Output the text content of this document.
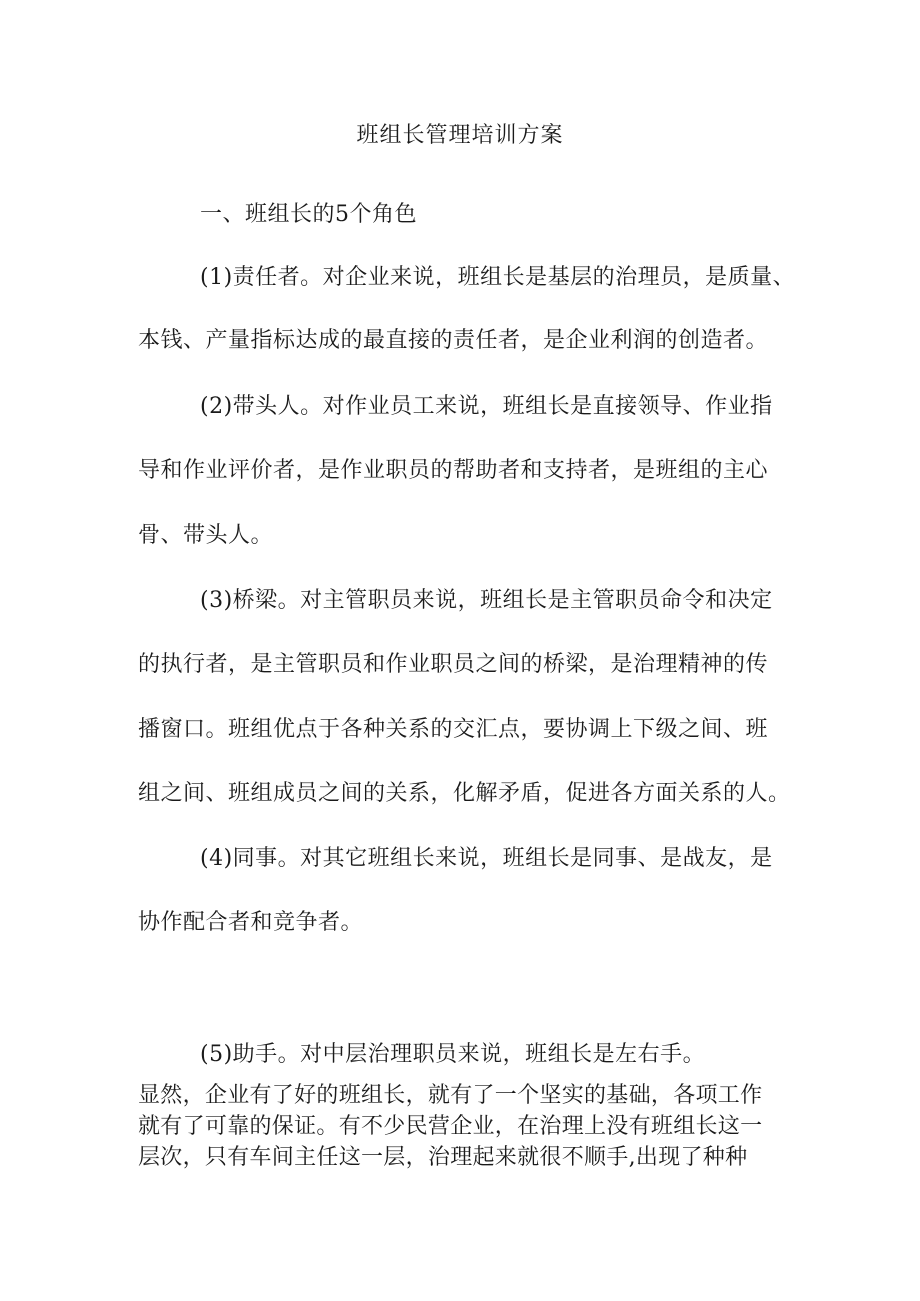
班组长管理培训方案
一、班组长的5个角色
(1)责任者。对企业来说，班组长是基层的治理员，是质量、
本钱、产量指标达成的最直接的责任者，是企业利润的创造者。
(2)带头人。对作业员工来说，班组长是直接领导、作业指
导和作业评价者，是作业职员的帮助者和支持者，是班组的主心
骨、带头人。
(3)桥梁。对主管职员来说，班组长是主管职员命令和决定
的执行者，是主管职员和作业职员之间的桥梁，是治理精神的传
播窗口。班组优点于各种关系的交汇点，要协调上下级之间、班
组之间、班组成员之间的关系，化解矛盾，促进各方面关系的人。
(4)同事。对其它班组长来说，班组长是同事、是战友，是
协作配合者和竞争者。
(5)助手。对中层治理职员来说，班组长是左右手。
显然，企业有了好的班组长，就有了一个坚实的基础，各项工作
就有了可靠的保证。有不少民营企业，在治理上没有班组长这一
层次，只有车间主任这一层，治理起来就很不顺手,出现了种种
